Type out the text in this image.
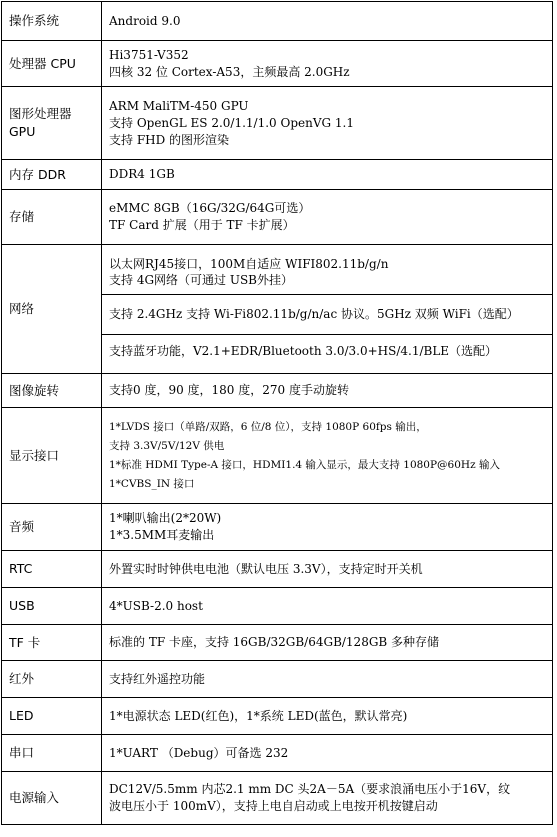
操作系统	Android 9.0

处理器 CPU	Hi3751-V352
四核 32 位 Cortex-A53，主频最高 2.0GHz

图形处理器 GPU	ARM MaliTM-450 GPU
支持 OpenGL ES 2.0/1.1/1.0 OpenVG 1.1
支持 FHD 的图形渲染

内存 DDR	DDR4 1GB

存储	eMMC 8GB（16G/32G/64G可选）
TF Card 扩展（用于 TF 卡扩展）

网络	以太网RJ45接口，100M自适应 WIFI802.11b/g/n
支持 4G网络（可通过 USB外挂）
支持 2.4GHz 支持 Wi-Fi802.11b/g/n/ac 协议。5GHz 双频 WiFi（选配）
支持蓝牙功能，V2.1+EDR/Bluetooth 3.0/3.0+HS/4.1/BLE（选配）

图像旋转	支持0 度，90 度，180 度，270 度手动旋转

显示接口	1*LVDS 接口（单路/双路，6 位/8 位），支持 1080P 60fps 输出，
支持 3.3V/5V/12V 供电
1*标准 HDMI Type-A 接口，HDMI1.4 输入显示，最大支持 1080P@60Hz 输入
1*CVBS_IN 接口

音频	1*喇叭输出(2*20W)
1*3.5MM耳麦输出

RTC	外置实时时钟供电电池（默认电压 3.3V），支持定时开关机

USB	4*USB-2.0 host

TF 卡	标准的 TF 卡座，支持 16GB/32GB/64GB/128GB 多种存储

红外	支持红外遥控功能

LED	1*电源状态 LED(红色)，1*系统 LED(蓝色，默认常亮)

串口	1*UART （Debug）可备选 232

电源输入	DC12V/5.5mm 内芯2.1 mm DC 头2A－5A（要求浪涌电压小于16V，纹
波电压小于 100mV），支持上电自启动或上电按开机按键启动
